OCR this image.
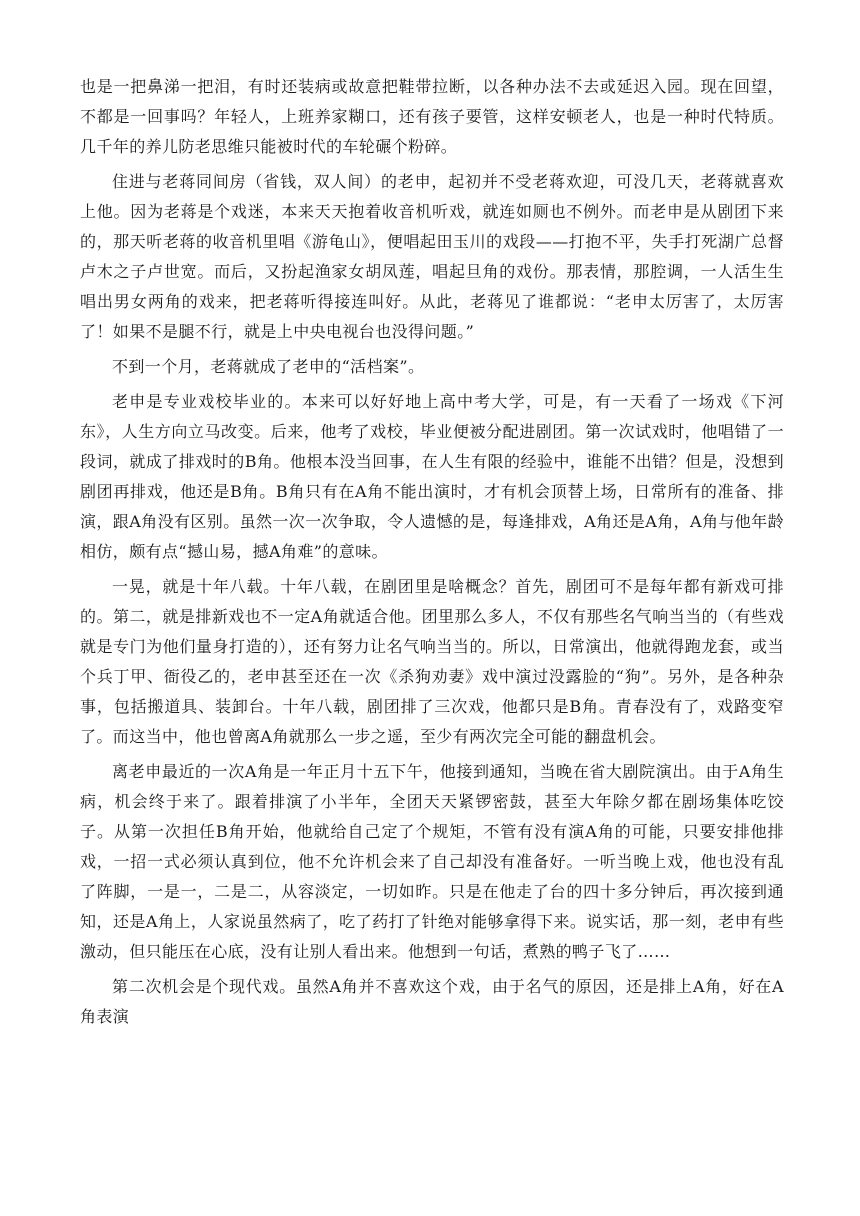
也是一把鼻涕一把泪，有时还装病或故意把鞋带拉断，以各种办法不去或延迟入园。现在回望，不都是一回事吗？年轻人，上班养家糊口，还有孩子要管，这样安顿老人，也是一种时代特质。几千年的养儿防老思维只能被时代的车轮碾个粉碎。

住进与老蒋同间房（省钱，双人间）的老申，起初并不受老蒋欢迎，可没几天，老蒋就喜欢上他。因为老蒋是个戏迷，本来天天抱着收音机听戏，就连如厕也不例外。而老申是从剧团下来的，那天听老蒋的收音机里唱《游龟山》，便唱起田玉川的戏段——打抱不平，失手打死湖广总督卢木之子卢世宽。而后，又扮起渔家女胡凤莲，唱起旦角的戏份。那表情，那腔调，一人活生生唱出男女两角的戏来，把老蒋听得接连叫好。从此，老蒋见了谁都说：“老申太厉害了，太厉害了！如果不是腿不行，就是上中央电视台也没得问题。”

不到一个月，老蒋就成了老申的“活档案”。

老申是专业戏校毕业的。本来可以好好地上高中考大学，可是，有一天看了一场戏《下河东》，人生方向立马改变。后来，他考了戏校，毕业便被分配进剧团。第一次试戏时，他唱错了一段词，就成了排戏时的B角。他根本没当回事，在人生有限的经验中，谁能不出错？但是，没想到剧团再排戏，他还是B角。B角只有在A角不能出演时，才有机会顶替上场，日常所有的准备、排演，跟A角没有区别。虽然一次一次争取，令人遗憾的是，每逢排戏，A角还是A角，A角与他年龄相仿，颇有点“撼山易，撼A角难”的意味。

一晃，就是十年八载。十年八载，在剧团里是啥概念？首先，剧团可不是每年都有新戏可排的。第二，就是排新戏也不一定A角就适合他。团里那么多人，不仅有那些名气响当当的（有些戏就是专门为他们量身打造的），还有努力让名气响当当的。所以，日常演出，他就得跑龙套，或当个兵丁甲、衙役乙的，老申甚至还在一次《杀狗劝妻》戏中演过没露脸的“狗”。另外，是各种杂事，包括搬道具、装卸台。十年八载，剧团排了三次戏，他都只是B角。青春没有了，戏路变窄了。而这当中，他也曾离A角就那么一步之遥，至少有两次完全可能的翻盘机会。

离老申最近的一次A角是一年正月十五下午，他接到通知，当晚在省大剧院演出。由于A角生病，机会终于来了。跟着排演了小半年，全团天天紧锣密鼓，甚至大年除夕都在剧场集体吃饺子。从第一次担任B角开始，他就给自己定了个规矩，不管有没有演A角的可能，只要安排他排戏，一招一式必须认真到位，他不允许机会来了自己却没有准备好。一听当晚上戏，他也没有乱了阵脚，一是一，二是二，从容淡定，一切如昨。只是在他走了台的四十多分钟后，再次接到通知，还是A角上，人家说虽然病了，吃了药打了针绝对能够拿得下来。说实话，那一刻，老申有些激动，但只能压在心底，没有让别人看出来。他想到一句话，煮熟的鸭子飞了……

第二次机会是个现代戏。虽然A角并不喜欢这个戏，由于名气的原因，还是排上A角，好在A角表演
